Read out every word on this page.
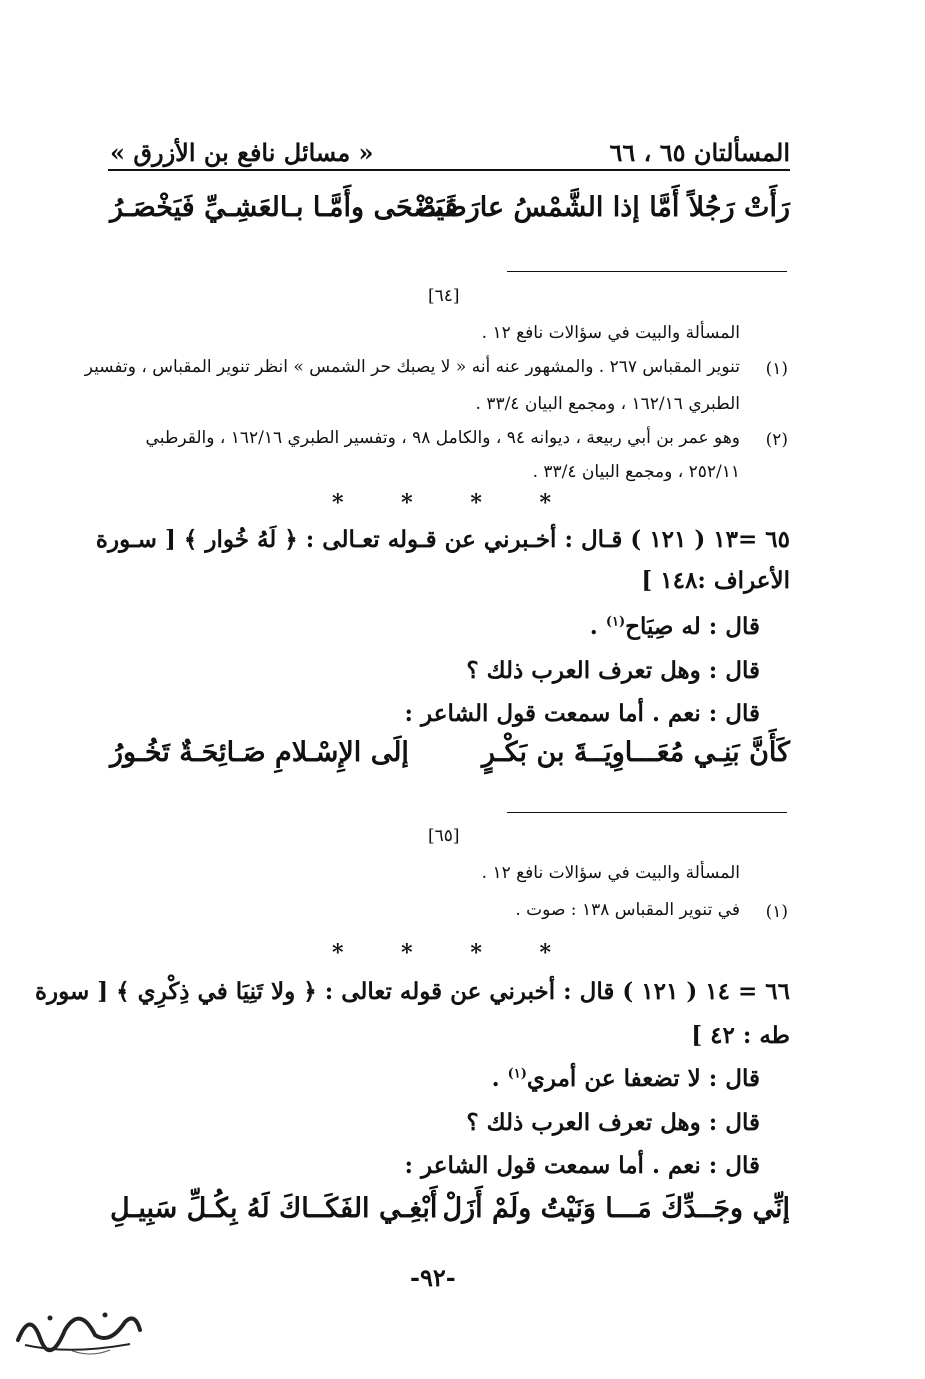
المسألتان ٦٥ ، ٦٦
« مسائل نافع بن الأزرق »
رَأَتْ رَجُلاً أَمَّا إذا الشَّمْسُ عارَضَتْ
فَيَضْحَى وأَمَّـا بـالعَشِـيِّ فَيَخْصَـرُ
[٦٤]
المسألة والبيت في سؤالات نافع ١٢ .
(١)
تنوير المقباس ٢٦٧ . والمشهور عنه أنه « لا يصبك حر الشمس » انظر تنوير المقباس ، وتفسير
الطبري ١٦٢/١٦ ، ومجمع البيان ٣٣/٤ .
(٢)
وهو عمر بن أبي ربيعة ، ديوانه ٩٤ ، والكامل ٩٨ ، وتفسير الطبري ١٦٢/١٦ ، والقرطبي
٢٥٢/١١ ، ومجمع البيان ٣٣/٤ .
* * * *
٦٥ =١٣ ( ١٢١ ) قـال : أخـبرني عن قـوله تعـالى : ﴿ لَهُ خُوار ﴾ [ سـورة
الأعراف :١٤٨ ]
قال : له صِيَاح$^{(١)}$ .
قال : وهل تعرف العرب ذلك ؟
قال : نعم . أما سمعت قول الشاعر :
كَأَنَّ بَنِـي مُعَـــاوِيَــةَ بن بَكْـرٍ
إلَى الإِسْـلامِ صَـائِحَـةٌ تَخُـورُ
[٦٥]
المسألة والبيت في سؤالات نافع ١٢ .
(١)
في تنوير المقباس ١٣٨ : صوت .
* * * *
٦٦ = ١٤ ( ١٢١ ) قال : أخبرني عن قوله تعالى : ﴿ ولا تَنِيَا في ذِكْرِي ﴾ [ سورة
طه : ٤٢ ]
قال : لا تضعفا عن أمري$^{(١)}$ .
قال : وهل تعرف العرب ذلك ؟
قال : نعم . أما سمعت قول الشاعر :
إنِّي وجَــدِّكَ مَـــا وَنَيْتُ ولَمْ أَزَلْ
أَبْغِـي الفَكَــاكَ لَهُ بِكُـلِّ سَبِيـلِ
-٩٢-
